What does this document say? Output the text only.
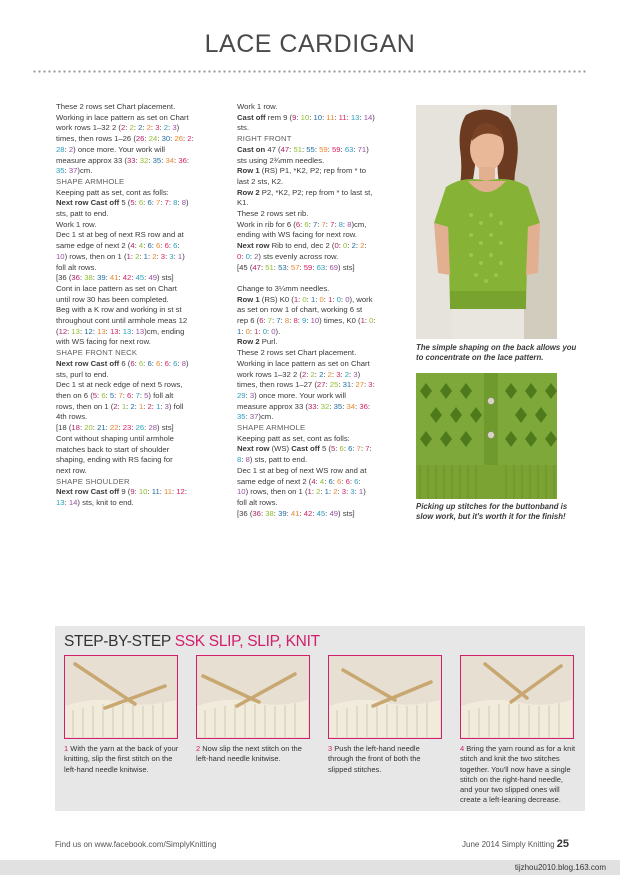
LACE CARDIGAN

These 2 rows set Chart placement.

Working in lace pattern as set on Chart

work rows 1–32 2 (2: 2: 2: 2: 3: 2: 3)

times, then rows 1–26 (26: 24: 30: 26: 2:

28: 2) once more. Your work will

measure approx 33 (33: 32: 35: 34: 36:

35: 37)cm.

SHAPE ARMHOLE

Keeping patt as set, cont as folls:

Next row Cast off 5 (5: 6: 6: 7: 7: 8: 8)

sts, patt to end.

Work 1 row.

Dec 1 st at beg of next RS row and at

same edge of next 2 (4: 4: 6: 6: 6: 6:

10) rows, then on 1 (1: 2: 1: 2: 3: 3: 1)

foll alt rows.

[36 (36: 38: 39: 41: 42: 45: 49) sts]

Cont in lace pattern as set on Chart

until row 30 has been completed.

Beg with a K row and working in st st

throughout cont until armhole meas 12

(12: 13: 12: 13: 13: 13: 13)cm, ending

with WS facing for next row.

SHAPE FRONT NECK

Next row Cast off 6 (6: 6: 6: 6: 6: 6: 8)

sts, purl to end.

Dec 1 st at neck edge of next 5 rows,

then on 6 (5: 6: 5: 7: 6: 7: 5) foll alt

rows, then on 1 (2: 1: 2: 1: 2: 1: 3) foll

4th rows.

[18 (18: 20: 21: 22: 23: 26: 28) sts]

Cont without shaping until armhole

matches back to start of shoulder

shaping, ending with RS facing for

next row.

SHAPE SHOULDER

Next row Cast off 9 (9: 10: 11: 11: 12:

13: 14) sts, knit to end.

Work 1 row.

Cast off rem 9 (9: 10: 10: 11: 11: 13: 14)

sts.

RIGHT FRONT

Cast on 47 (47: 51: 55: 59: 59: 63: 71)

sts using 2¾mm needles.

Row 1 (RS) P1, *K2, P2; rep from * to

last 2 sts, K2.

Row 2 P2, *K2, P2; rep from * to last st,

K1.

These 2 rows set rib.

Work in rib for 6 (6: 6: 7: 7: 7: 8: 8)cm,

ending with WS facing for next row.

Next row Rib to end, dec 2 (0: 0: 2: 2:

0: 0: 2) sts evenly across row.

[45 (47: 51: 53: 57: 59: 63: 69) sts]

Change to 3¼mm needles.

Row 1 (RS) K0 (1: 0: 1: 0: 1: 0: 0), work

as set on row 1 of chart, working 6 st

rep 6 (6: 7: 7: 8: 8: 9: 10) times, K0 (1: 0:

1: 0: 1: 0: 0).

Row 2 Purl.

These 2 rows set Chart placement.

Working in lace pattern as set on Chart

work rows 1–32 2 (2: 2: 2: 2: 3: 2: 3)

times, then rows 1–27 (27: 25: 31: 27: 3:

29: 3) once more. Your work will

measure approx 33 (33: 32: 35: 34: 36:

35: 37)cm.

SHAPE ARMHOLE

Keeping patt as set, cont as folls:

Next row (WS) Cast off 5 (5: 6: 6: 7: 7:

8: 8) sts, patt to end.

Dec 1 st at beg of next WS row and at

same edge of next 2 (4: 4: 6: 6: 6: 6:

10) rows, then on 1 (1: 2: 1: 2: 3: 3: 1)

foll alt rows.

[36 (36: 38: 39: 41: 42: 45: 49) sts]

The simple shaping on the back allows you to concentrate on the lace pattern.
Picking up stitches for the buttonband is slow work, but it's worth it for the finish!
STEP-BY-STEP SSK SLIP, SLIP, KNIT
1 With the yarn at the back of your knitting, slip the first stitch on the left-hand needle knitwise.
2 Now slip the next stitch on the left-hand needle knitwise.
3 Push the left-hand needle through the front of both the slipped stitches.
4 Bring the yarn round as for a knit stitch and knit the two stitches together. You'll now have a single stitch on the right-hand needle, and your two slipped ones will create a left-leaning decrease.
Find us on www.facebook.com/SimplyKnitting	June 2014 Simply Knitting 25
tijzhou2010.blog.163.com
